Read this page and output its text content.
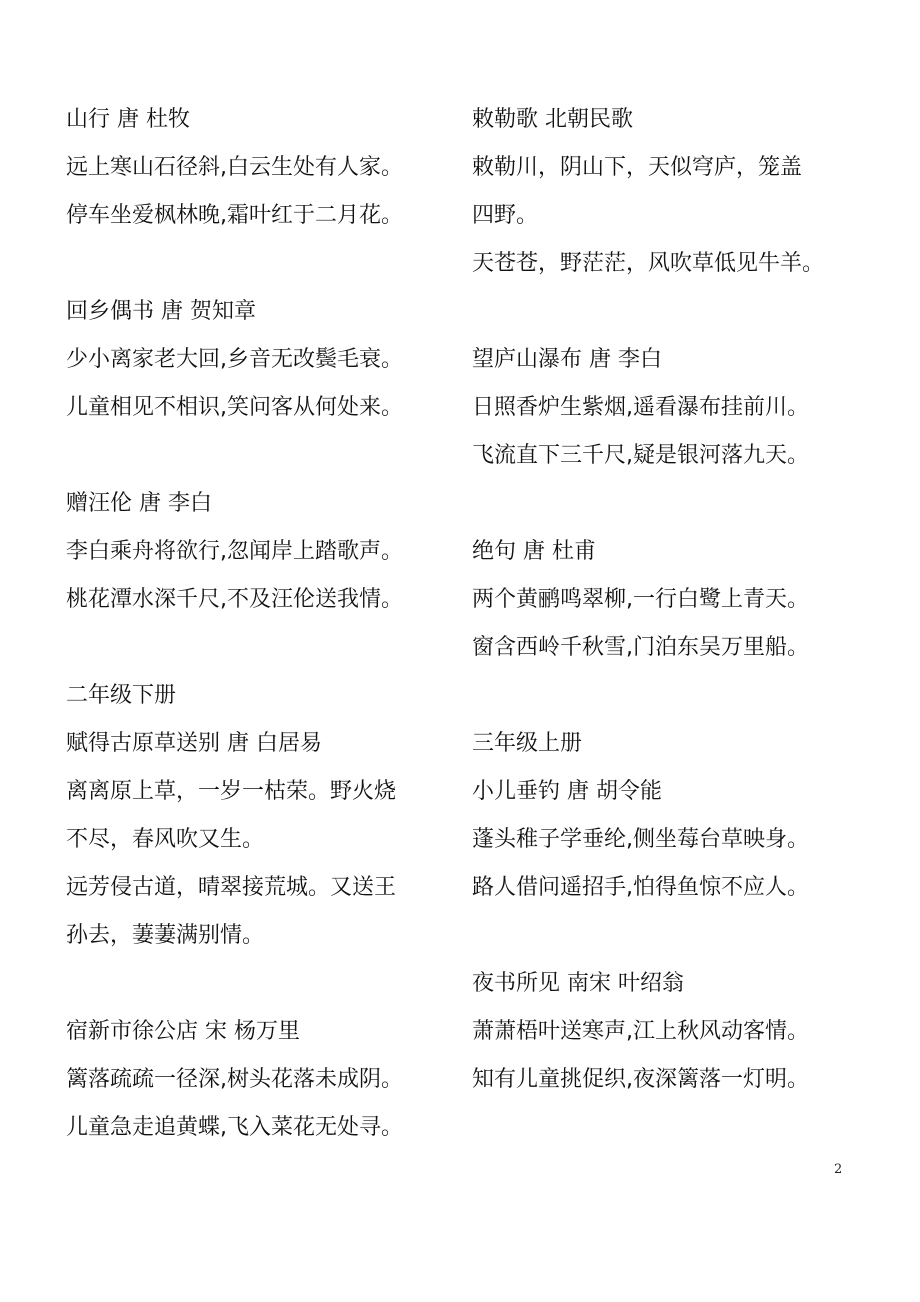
山行 唐 杜牧
远上寒山石径斜,白云生处有人家。
停车坐爱枫林晚,霜叶红于二月花。
回乡偶书 唐 贺知章
少小离家老大回,乡音无改鬓毛衰。
儿童相见不相识,笑问客从何处来。
赠汪伦 唐 李白
李白乘舟将欲行,忽闻岸上踏歌声。
桃花潭水深千尺,不及汪伦送我情。
二年级下册
赋得古原草送别 唐 白居易
离离原上草，一岁一枯荣。野火烧
不尽，春风吹又生。
远芳侵古道，晴翠接荒城。又送王
孙去，萋萋满别情。
宿新市徐公店 宋 杨万里
篱落疏疏一径深,树头花落未成阴。
儿童急走追黄蝶,飞入菜花无处寻。
敕勒歌 北朝民歌
敕勒川，阴山下，天似穹庐，笼盖
四野。
天苍苍，野茫茫，风吹草低见牛羊。
望庐山瀑布 唐 李白
日照香炉生紫烟,遥看瀑布挂前川。
飞流直下三千尺,疑是银河落九天。
绝句 唐 杜甫
两个黄鹂鸣翠柳,一行白鹭上青天。
窗含西岭千秋雪,门泊东吴万里船。
三年级上册
小儿垂钓 唐 胡令能
蓬头稚子学垂纶,侧坐莓台草映身。
路人借问遥招手,怕得鱼惊不应人。
夜书所见 南宋 叶绍翁
萧萧梧叶送寒声,江上秋风动客情。
知有儿童挑促织,夜深篱落一灯明。
2
